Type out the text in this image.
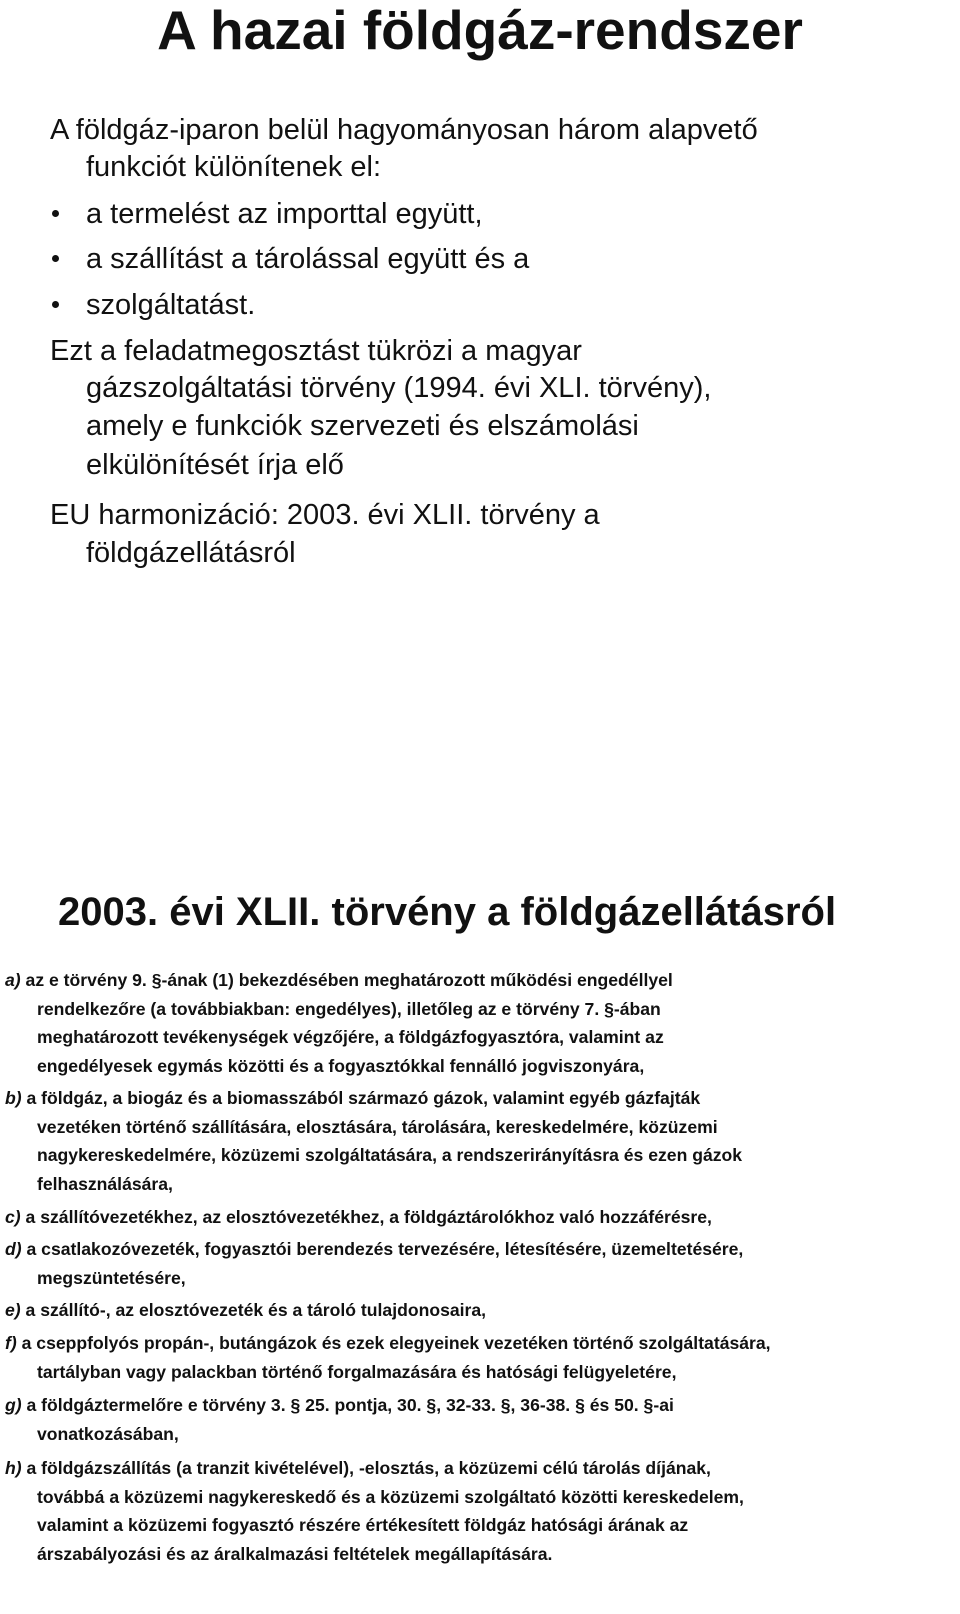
A hazai földgáz-rendszer
A földgáz-iparon belül hagyományosan három alapvető
funkciót különítenek el:
a termelést az importtal együtt,
a szállítást a tárolással együtt és a
szolgáltatást.
Ezt a feladatmegosztást tükrözi a magyar
gázszolgáltatási törvény (1994. évi XLI. törvény),
amely e funkciók szervezeti és elszámolási
elkülönítését írja elő
EU harmonizáció: 2003. évi XLII. törvény a
földgázellátásról
2003. évi XLII. törvény a földgázellátásról
a) az e törvény 9. §-ának (1) bekezdésében meghatározott működési engedéllyel
rendelkezőre (a továbbiakban: engedélyes), illetőleg az e törvény 7. §-ában
meghatározott tevékenységek végzőjére, a földgázfogyasztóra, valamint az
engedélyesek egymás közötti és a fogyasztókkal fennálló jogviszonyára,
b) a földgáz, a biogáz és a biomasszából származó gázok, valamint egyéb gázfajták
vezetéken történő szállítására, elosztására, tárolására, kereskedelmére, közüzemi
nagykereskedelmére, közüzemi szolgáltatására, a rendszerirányításra és ezen gázok
felhasználására,
c) a szállítóvezetékhez, az elosztóvezetékhez, a földgáztárolókhoz való hozzáférésre,
d) a csatlakozóvezeték, fogyasztói berendezés tervezésére, létesítésére, üzemeltetésére,
megszüntetésére,
e) a szállító-, az elosztóvezeték és a tároló tulajdonosaira,
f) a cseppfolyós propán-, butángázok és ezek elegyeinek vezetéken történő szolgáltatására,
tartályban vagy palackban történő forgalmazására és hatósági felügyeletére,
g) a földgáztermelőre e törvény 3. § 25. pontja, 30. §, 32-33. §, 36-38. § és 50. §-ai
vonatkozásában,
h) a földgázszállítás (a tranzit kivételével), -elosztás, a közüzemi célú tárolás díjának,
továbbá a közüzemi nagykereskedő és a közüzemi szolgáltató közötti kereskedelem,
valamint a közüzemi fogyasztó részére értékesített földgáz hatósági árának az
árszabályozási és az áralkalmazási feltételek megállapítására.
